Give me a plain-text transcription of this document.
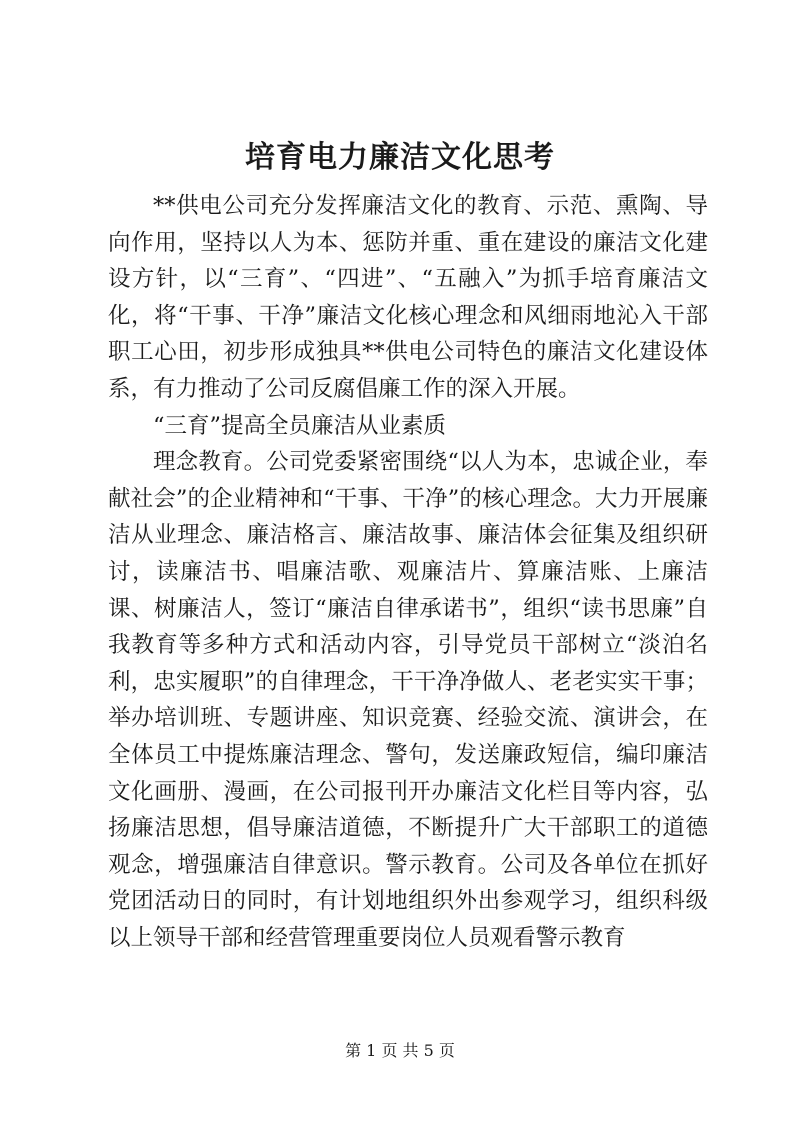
培育电力廉洁文化思考

**供电公司充分发挥廉洁文化的教育、示范、熏陶、导向作用，坚持以人为本、惩防并重、重在建设的廉洁文化建设方针，以“三育”、“四进”、“五融入”为抓手培育廉洁文化，将“干事、干净”廉洁文化核心理念和风细雨地沁入干部职工心田，初步形成独具**供电公司特色的廉洁文化建设体系，有力推动了公司反腐倡廉工作的深入开展。

“三育”提高全员廉洁从业素质

理念教育。公司党委紧密围绕“以人为本，忠诚企业，奉献社会”的企业精神和“干事、干净”的核心理念。大力开展廉洁从业理念、廉洁格言、廉洁故事、廉洁体会征集及组织研讨，读廉洁书、唱廉洁歌、观廉洁片、算廉洁账、上廉洁课、树廉洁人，签订“廉洁自律承诺书”，组织“读书思廉”自我教育等多种方式和活动内容，引导党员干部树立“淡泊名利，忠实履职”的自律理念，干干净净做人、老老实实干事；举办培训班、专题讲座、知识竞赛、经验交流、演讲会，在全体员工中提炼廉洁理念、警句，发送廉政短信，编印廉洁文化画册、漫画，在公司报刊开办廉洁文化栏目等内容，弘扬廉洁思想，倡导廉洁道德，不断提升广大干部职工的道德观念，增强廉洁自律意识。警示教育。公司及各单位在抓好党团活动日的同时，有计划地组织外出参观学习，组织科级以上领导干部和经营管理重要岗位人员观看警示教育

第 1 页 共 5 页
